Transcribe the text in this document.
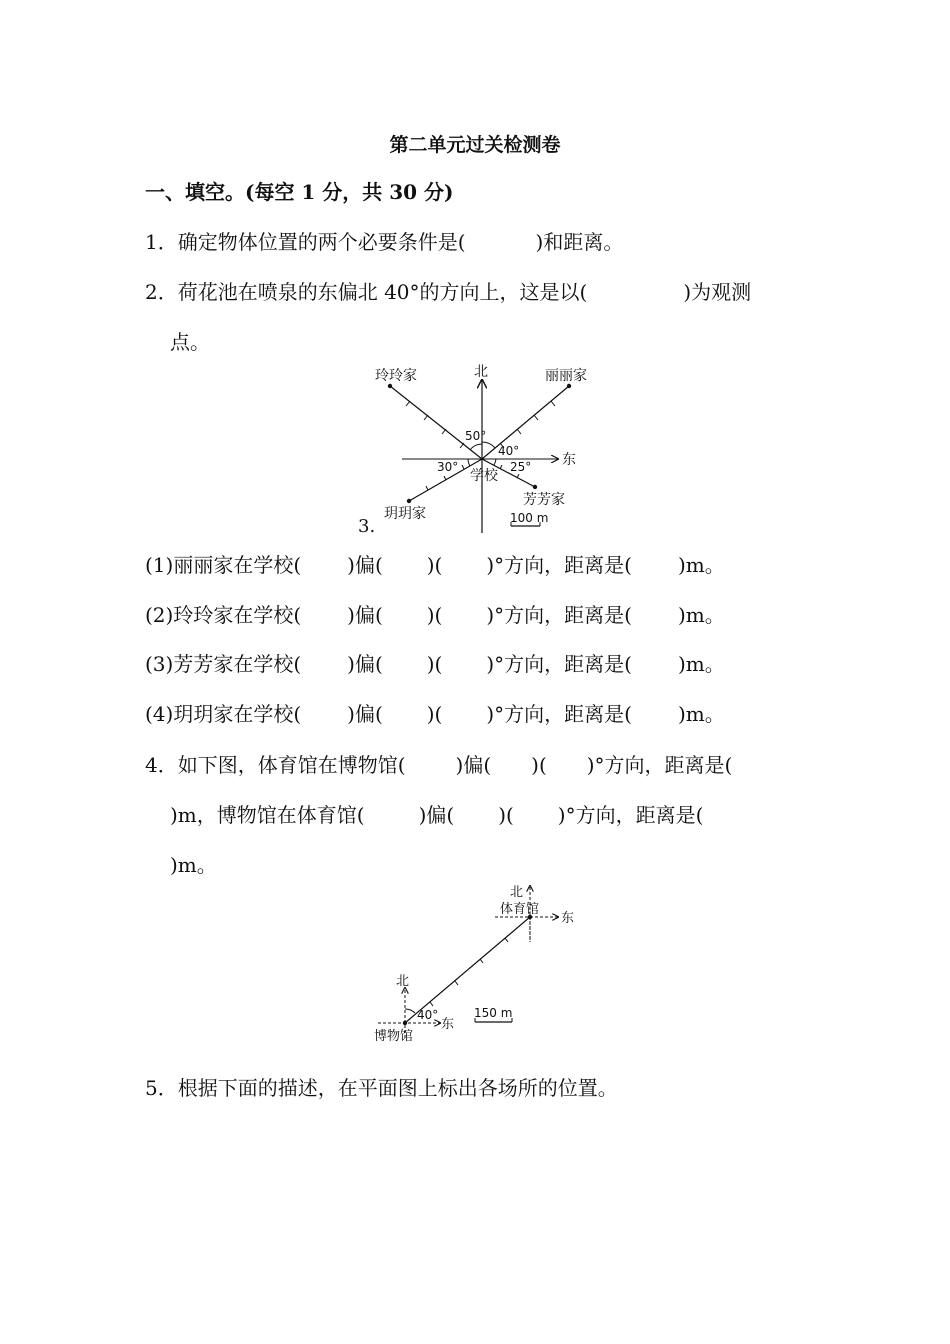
第二单元过关检测卷
一、填空。(每空 1 分，共 30 分)
1．确定物体位置的两个必要条件是(	)和距离。
2．荷花池在喷泉的东偏北 40°的方向上，这是以(	)为观测
点。
北
东
学校
玲玲家	丽丽家
玥玥家
芳芳家
50°
40°
30°	25°
100 m
3.
(1)丽丽家在学校( )偏( )( )°方向，距离是( )m。
(2)玲玲家在学校( )偏( )( )°方向，距离是( )m。
(3)芳芳家在学校( )偏( )( )°方向，距离是( )m。
(4)玥玥家在学校( )偏( )( )°方向，距离是( )m。
4．如下图，体育馆在博物馆(	)偏( )( )°方向，距离是(
)m，博物馆在体育馆(	)偏( )( )°方向，距离是(
)m。
北
体育馆
东
北
博物馆
东
40°	150 m
5．根据下面的描述，在平面图上标出各场所的位置。
